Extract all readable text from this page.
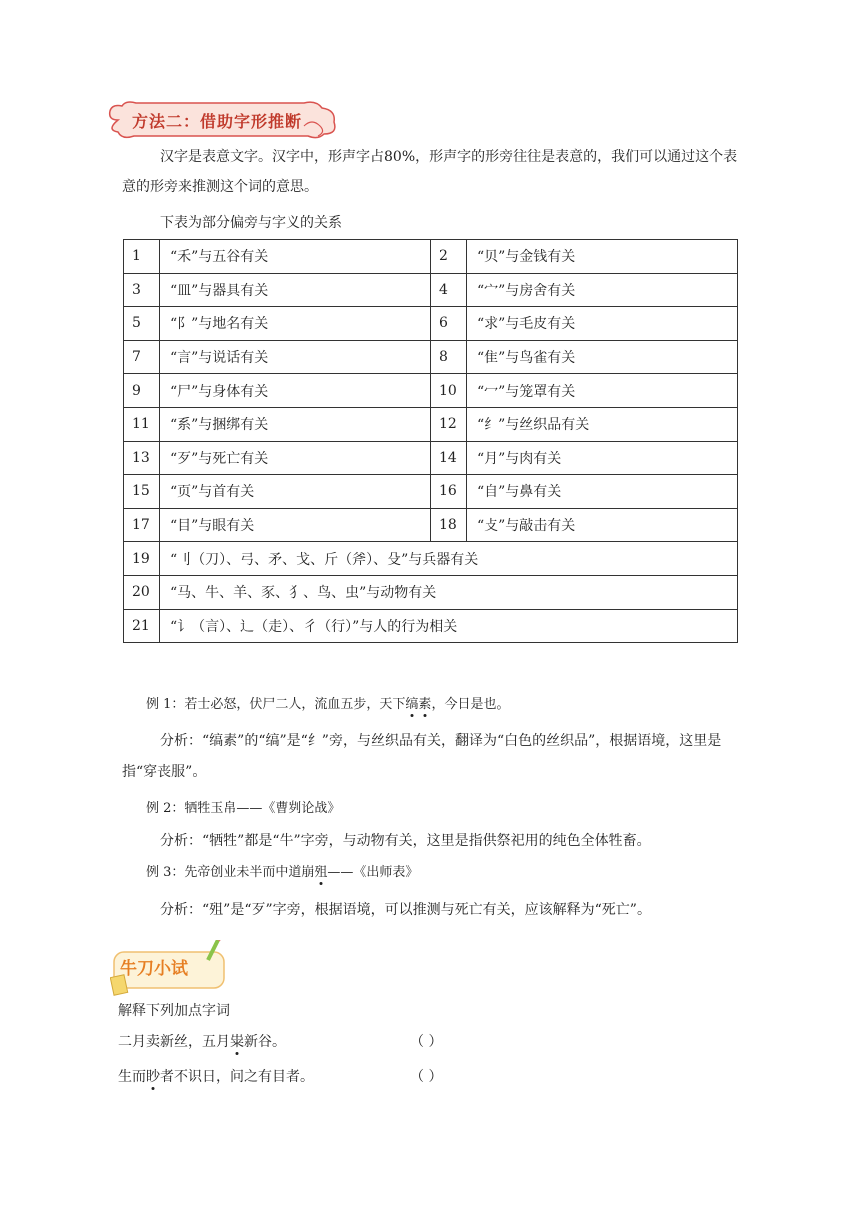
方法二：借助字形推断
汉字是表意文字。汉字中，形声字占80%，形声字的形旁往往是表意的，我们可以通过这个表意的形旁来推测这个词的意思。
下表为部分偏旁与字义的关系
1	“禾”与五谷有关	2	“贝”与金钱有关
3	“皿”与器具有关	4	“宀”与房舍有关
5	“阝”与地名有关	6	“求”与毛皮有关
7	“言”与说话有关	8	“隹”与鸟雀有关
9	“尸”与身体有关	10	“冖”与笼罩有关
11	“系”与捆绑有关	12	“纟”与丝织品有关
13	“歹”与死亡有关	14	“月”与肉有关
15	“页”与首有关	16	“自”与鼻有关
17	“目”与眼有关	18	“攴”与敲击有关
19	“刂（刀）、弓、矛、戈、斤（斧）、殳”与兵器有关		
20	“马、牛、羊、豕、犭、鸟、虫”与动物有关		
21	“讠（言）、辶（走）、彳（行）”与人的行为相关		
例 1：若士必怒，伏尸二人，流血五步，天下缟素，今日是也。
分析：“缟素”的“缟”是“纟”旁，与丝织品有关，翻译为“白色的丝织品”，根据语境，这里是指“穿丧服”。
例 2：牺牲玉帛——《曹刿论战》
分析：“牺牲”都是“牛”字旁，与动物有关，这里是指供祭祀用的纯色全体牲畜。
例 3：先帝创业未半而中道崩殂——《出师表》
分析：“殂”是“歹”字旁，根据语境，可以推测与死亡有关，应该解释为“死亡”。
牛刀小试
解释下列加点字词
二月卖新丝，五月粜新谷。	（ ）
生而眇者不识日，问之有目者。	（ ）
